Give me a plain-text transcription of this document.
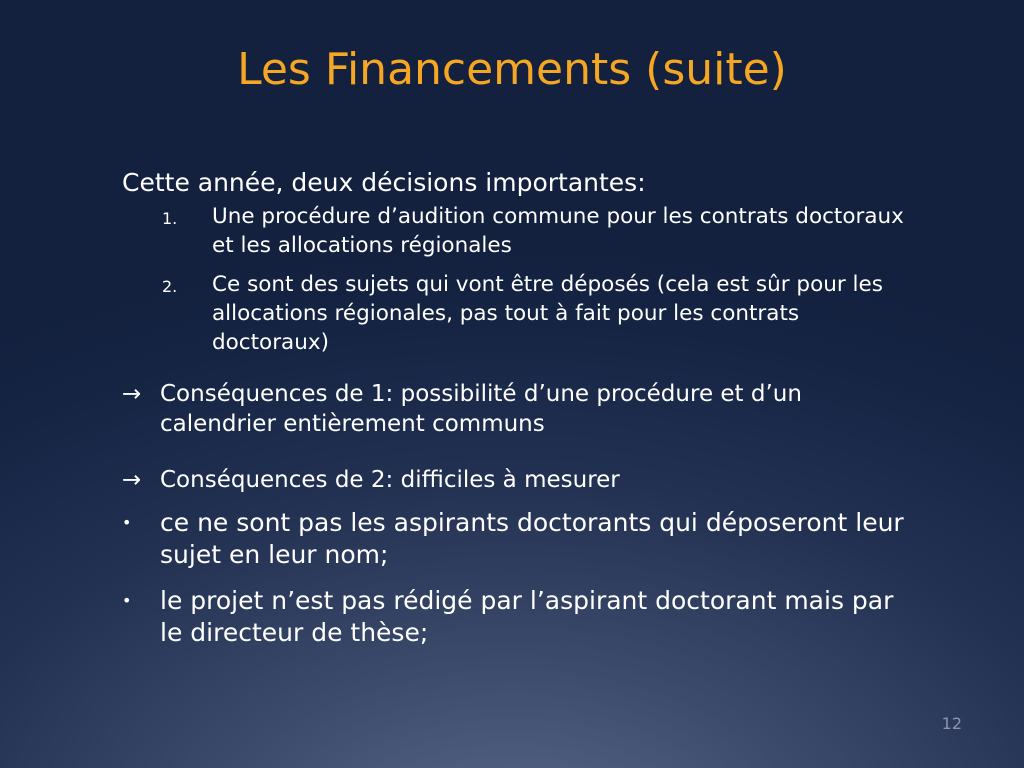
Les Financements (suite)
Cette année, deux décisions importantes:
1. Une procédure d’audition commune pour les contrats doctoraux et les allocations régionales
2. Ce sont des sujets qui vont être déposés (cela est sûr pour les allocations régionales, pas tout à fait pour les contrats doctoraux)
→ Conséquences de 1: possibilité d’une procédure et d’un calendrier entièrement communs
→ Conséquences de 2: difficiles à mesurer
• ce ne sont pas les aspirants doctorants qui déposeront leur sujet en leur nom;
• le projet n’est pas rédigé par l’aspirant doctorant mais par le directeur de thèse;
12
